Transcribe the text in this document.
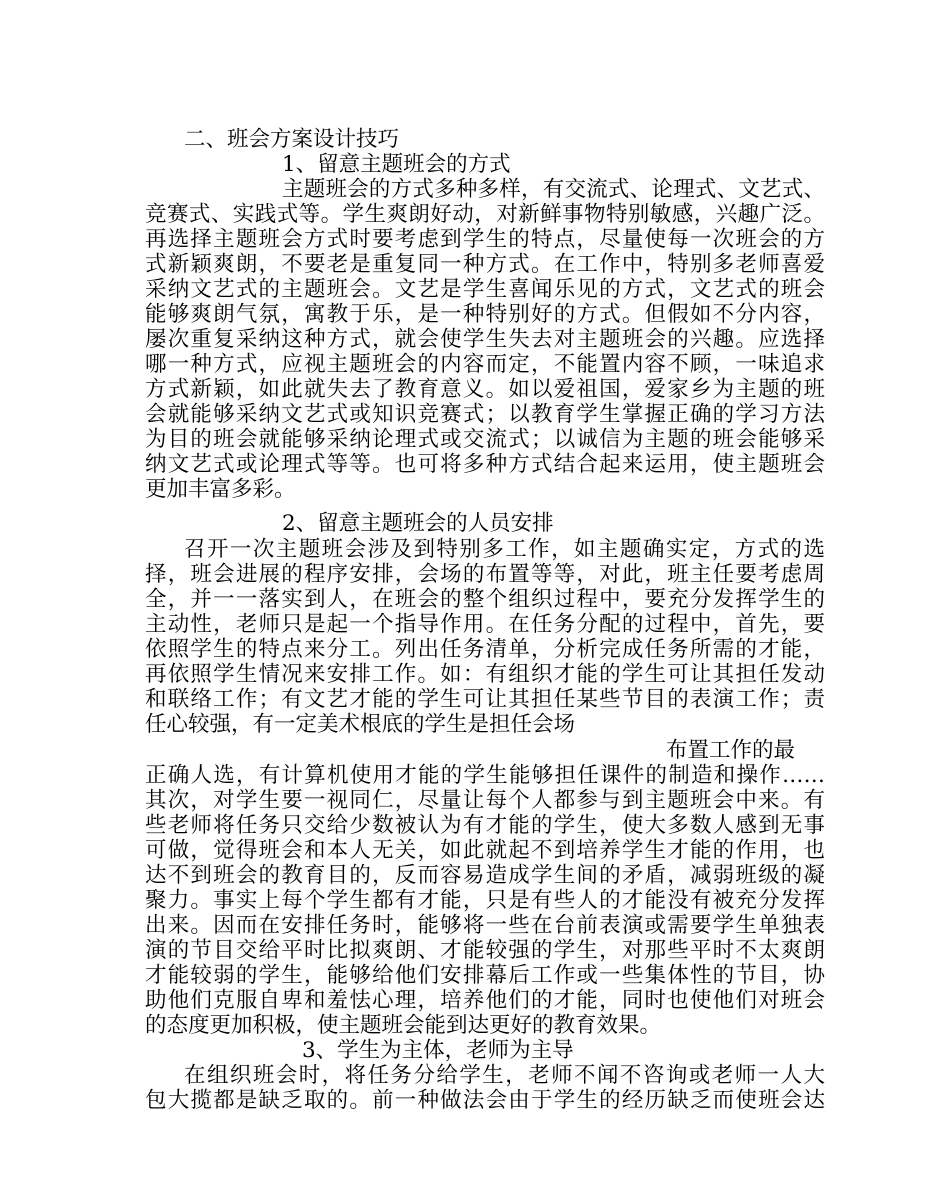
二、班会方案设计技巧
1、留意主题班会的方式
主题班会的方式多种多样，有交流式、论理式、文艺式、
竞赛式、实践式等。学生爽朗好动，对新鲜事物特别敏感，兴趣广泛。
再选择主题班会方式时要考虑到学生的特点，尽量使每一次班会的方
式新颖爽朗，不要老是重复同一种方式。在工作中，特别多老师喜爱
采纳文艺式的主题班会。文艺是学生喜闻乐见的方式，文艺式的班会
能够爽朗气氛，寓教于乐，是一种特别好的方式。但假如不分内容，
屡次重复采纳这种方式，就会使学生失去对主题班会的兴趣。应选择
哪一种方式，应视主题班会的内容而定，不能置内容不顾，一味追求
方式新颖，如此就失去了教育意义。如以爱祖国，爱家乡为主题的班
会就能够采纳文艺式或知识竞赛式；以教育学生掌握正确的学习方法
为目的班会就能够采纳论理式或交流式；以诚信为主题的班会能够采
纳文艺式或论理式等等。也可将多种方式结合起来运用，使主题班会
更加丰富多彩。
2、留意主题班会的人员安排
召开一次主题班会涉及到特别多工作，如主题确实定，方式的选
择，班会进展的程序安排，会场的布置等等，对此，班主任要考虑周
全，并一一落实到人，在班会的整个组织过程中，要充分发挥学生的
主动性，老师只是起一个指导作用。在任务分配的过程中，首先，要
依照学生的特点来分工。列出任务清单，分析完成任务所需的才能，
再依照学生情况来安排工作。如：有组织才能的学生可让其担任发动
和联络工作；有文艺才能的学生可让其担任某些节目的表演工作；责
任心较强，有一定美术根底的学生是担任会场
布置工作的最
正确人选，有计算机使用才能的学生能够担任课件的制造和操作……
其次，对学生要一视同仁，尽量让每个人都参与到主题班会中来。有
些老师将任务只交给少数被认为有才能的学生，使大多数人感到无事
可做，觉得班会和本人无关，如此就起不到培养学生才能的作用，也
达不到班会的教育目的，反而容易造成学生间的矛盾，减弱班级的凝
聚力。事实上每个学生都有才能，只是有些人的才能没有被充分发挥
出来。因而在安排任务时，能够将一些在台前表演或需要学生单独表
演的节目交给平时比拟爽朗、才能较强的学生，对那些平时不太爽朗
才能较弱的学生，能够给他们安排幕后工作或一些集体性的节目，协
助他们克服自卑和羞怯心理，培养他们的才能，同时也使他们对班会
的态度更加积极，使主题班会能到达更好的教育效果。
3、学生为主体，老师为主导
在组织班会时，将任务分给学生，老师不闻不咨询或老师一人大
包大揽都是缺乏取的。前一种做法会由于学生的经历缺乏而使班会达
